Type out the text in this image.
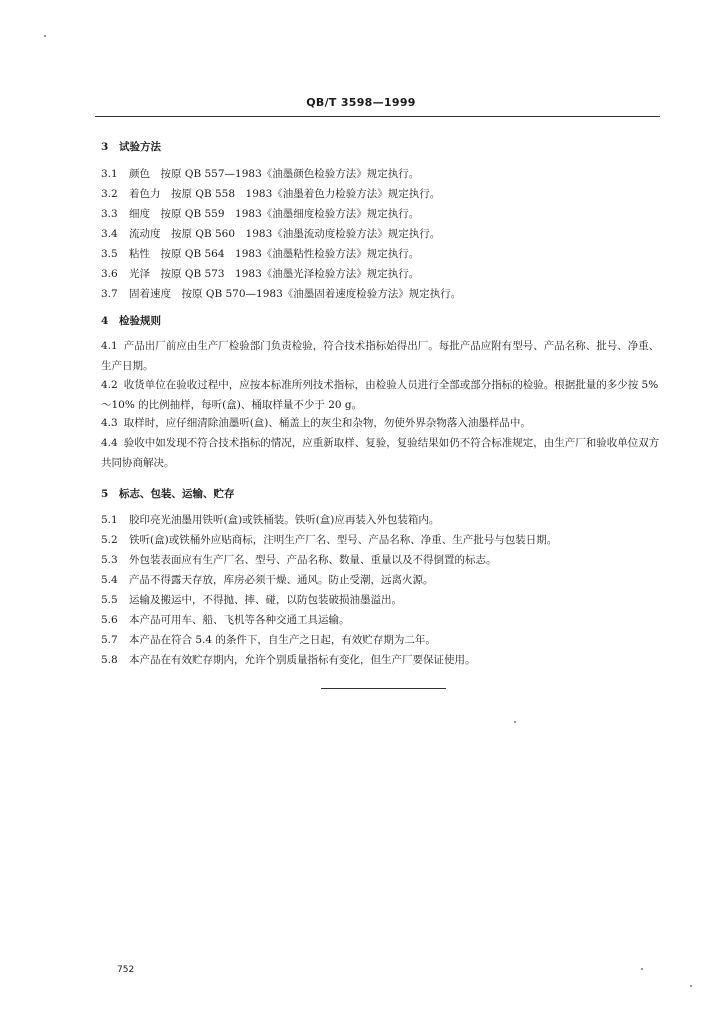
QB/T 3598—1999
3 试验方法
3.1 颜色　按原 QB 557—1983《油墨颜色检验方法》规定执行。
3.2 着色力　按原 QB 558　1983《油墨着色力检验方法》规定执行。
3.3 细度　按原 QB 559　1983《油墨细度检验方法》规定执行。
3.4 流动度　按原 QB 560　1983《油墨流动度检验方法》规定执行。
3.5 粘性　按原 QB 564　1983《油墨粘性检验方法》规定执行。
3.6 光泽　按原 QB 573　1983《油墨光泽检验方法》规定执行。
3.7 固着速度　按原 QB 570—1983《油墨固着速度检验方法》规定执行。
4 检验规则
4.1 产品出厂前应由生产厂检验部门负责检验，符合技术指标始得出厂。每批产品应附有型号、产品名称、批号、净重、生产日期。
4.2 收货单位在验收过程中，应按本标准所列技术指标，由检验人员进行全部或部分指标的检验。根据批量的多少按 5%～10% 的比例抽样，每听(盒)、桶取样量不少于 20 g。
4.3 取样时，应仔细清除油墨听(盒)、桶盖上的灰尘和杂物，勿使外界杂物落入油墨样品中。
4.4 验收中如发现不符合技术指标的情况，应重新取样、复验，复验结果如仍不符合标准规定，由生产厂和验收单位双方共同协商解决。
5 标志、包装、运输、贮存
5.1 胶印亮光油墨用铁听(盒)或铁桶装。铁听(盒)应再装入外包装箱内。
5.2 铁听(盒)或铁桶外应贴商标，注明生产厂名、型号、产品名称、净重、生产批号与包装日期。
5.3 外包装表面应有生产厂名、型号、产品名称、数量、重量以及不得倒置的标志。
5.4 产品不得露天存放，库房必须干燥、通风。防止受潮，远离火源。
5.5 运输及搬运中，不得抛、摔、碰，以防包装破损油墨溢出。
5.6 本产品可用车、船、飞机等各种交通工具运输。
5.7 本产品在符合 5.4 的条件下，自生产之日起，有效贮存期为二年。
5.8 本产品在有效贮存期内，允许个别质量指标有变化，但生产厂要保证使用。
752
